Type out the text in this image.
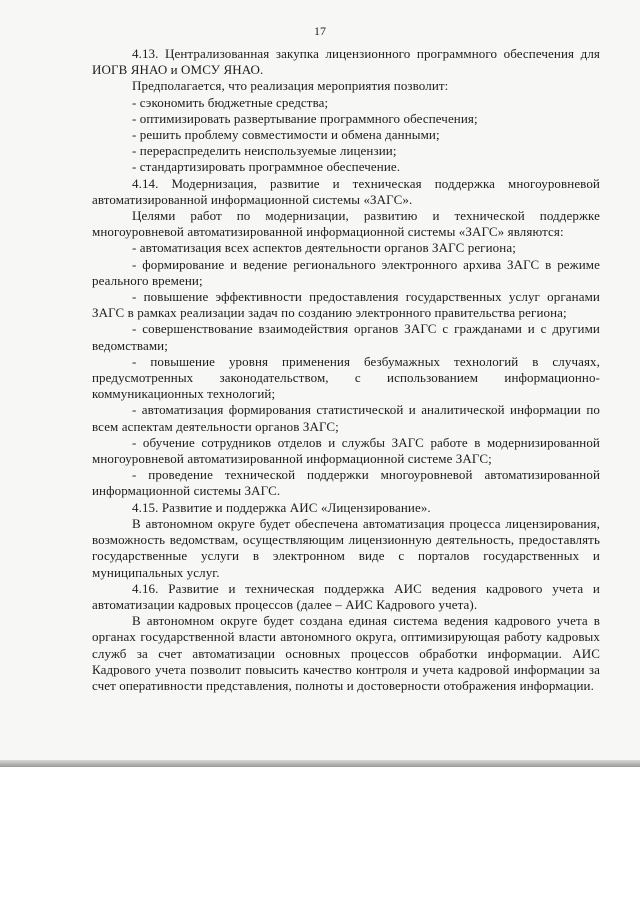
17

4.13. Централизованная закупка лицензионного программного обеспечения для ИОГВ ЯНАО и ОМСУ ЯНАО.

Предполагается, что реализация мероприятия позволит:

- сэкономить бюджетные средства;

- оптимизировать развертывание программного обеспечения;

- решить проблему совместимости и обмена данными;

- перераспределить неиспользуемые лицензии;

- стандартизировать программное обеспечение.

4.14. Модернизация, развитие и техническая поддержка многоуровневой автоматизированной информационной системы «ЗАГС».

Целями работ по модернизации, развитию и технической поддержке многоуровневой автоматизированной информационной системы «ЗАГС» являются:

- автоматизация всех аспектов деятельности органов ЗАГС региона;

- формирование и ведение регионального электронного архива ЗАГС в режиме реального времени;

- повышение эффективности предоставления государственных услуг органами ЗАГС в рамках реализации задач по созданию электронного правительства региона;

- совершенствование взаимодействия органов ЗАГС с гражданами и с другими ведомствами;

- повышение уровня применения безбумажных технологий в случаях, предусмотренных законодательством, с использованием информационно-коммуникационных технологий;

- автоматизация формирования статистической и аналитической информации по всем аспектам деятельности органов ЗАГС;

- обучение сотрудников отделов и службы ЗАГС работе в модернизированной многоуровневой автоматизированной информационной системе ЗАГС;

- проведение технической поддержки многоуровневой автоматизированной информационной системы ЗАГС.

4.15. Развитие и поддержка АИС «Лицензирование».

В автономном округе будет обеспечена автоматизация процесса лицензирования, возможность ведомствам, осуществляющим лицензионную деятельность, предоставлять государственные услуги в электронном виде с порталов государственных и муниципальных услуг.

4.16. Развитие и техническая поддержка АИС ведения кадрового учета и автоматизации кадровых процессов (далее – АИС Кадрового учета).

В автономном округе будет создана единая система ведения кадрового учета в органах государственной власти автономного округа, оптимизирующая работу кадровых служб за счет автоматизации основных процессов обработки информации. АИС Кадрового учета позволит повысить качество контроля и учета кадровой информации за счет оперативности представления, полноты и достоверности отображения информации.
